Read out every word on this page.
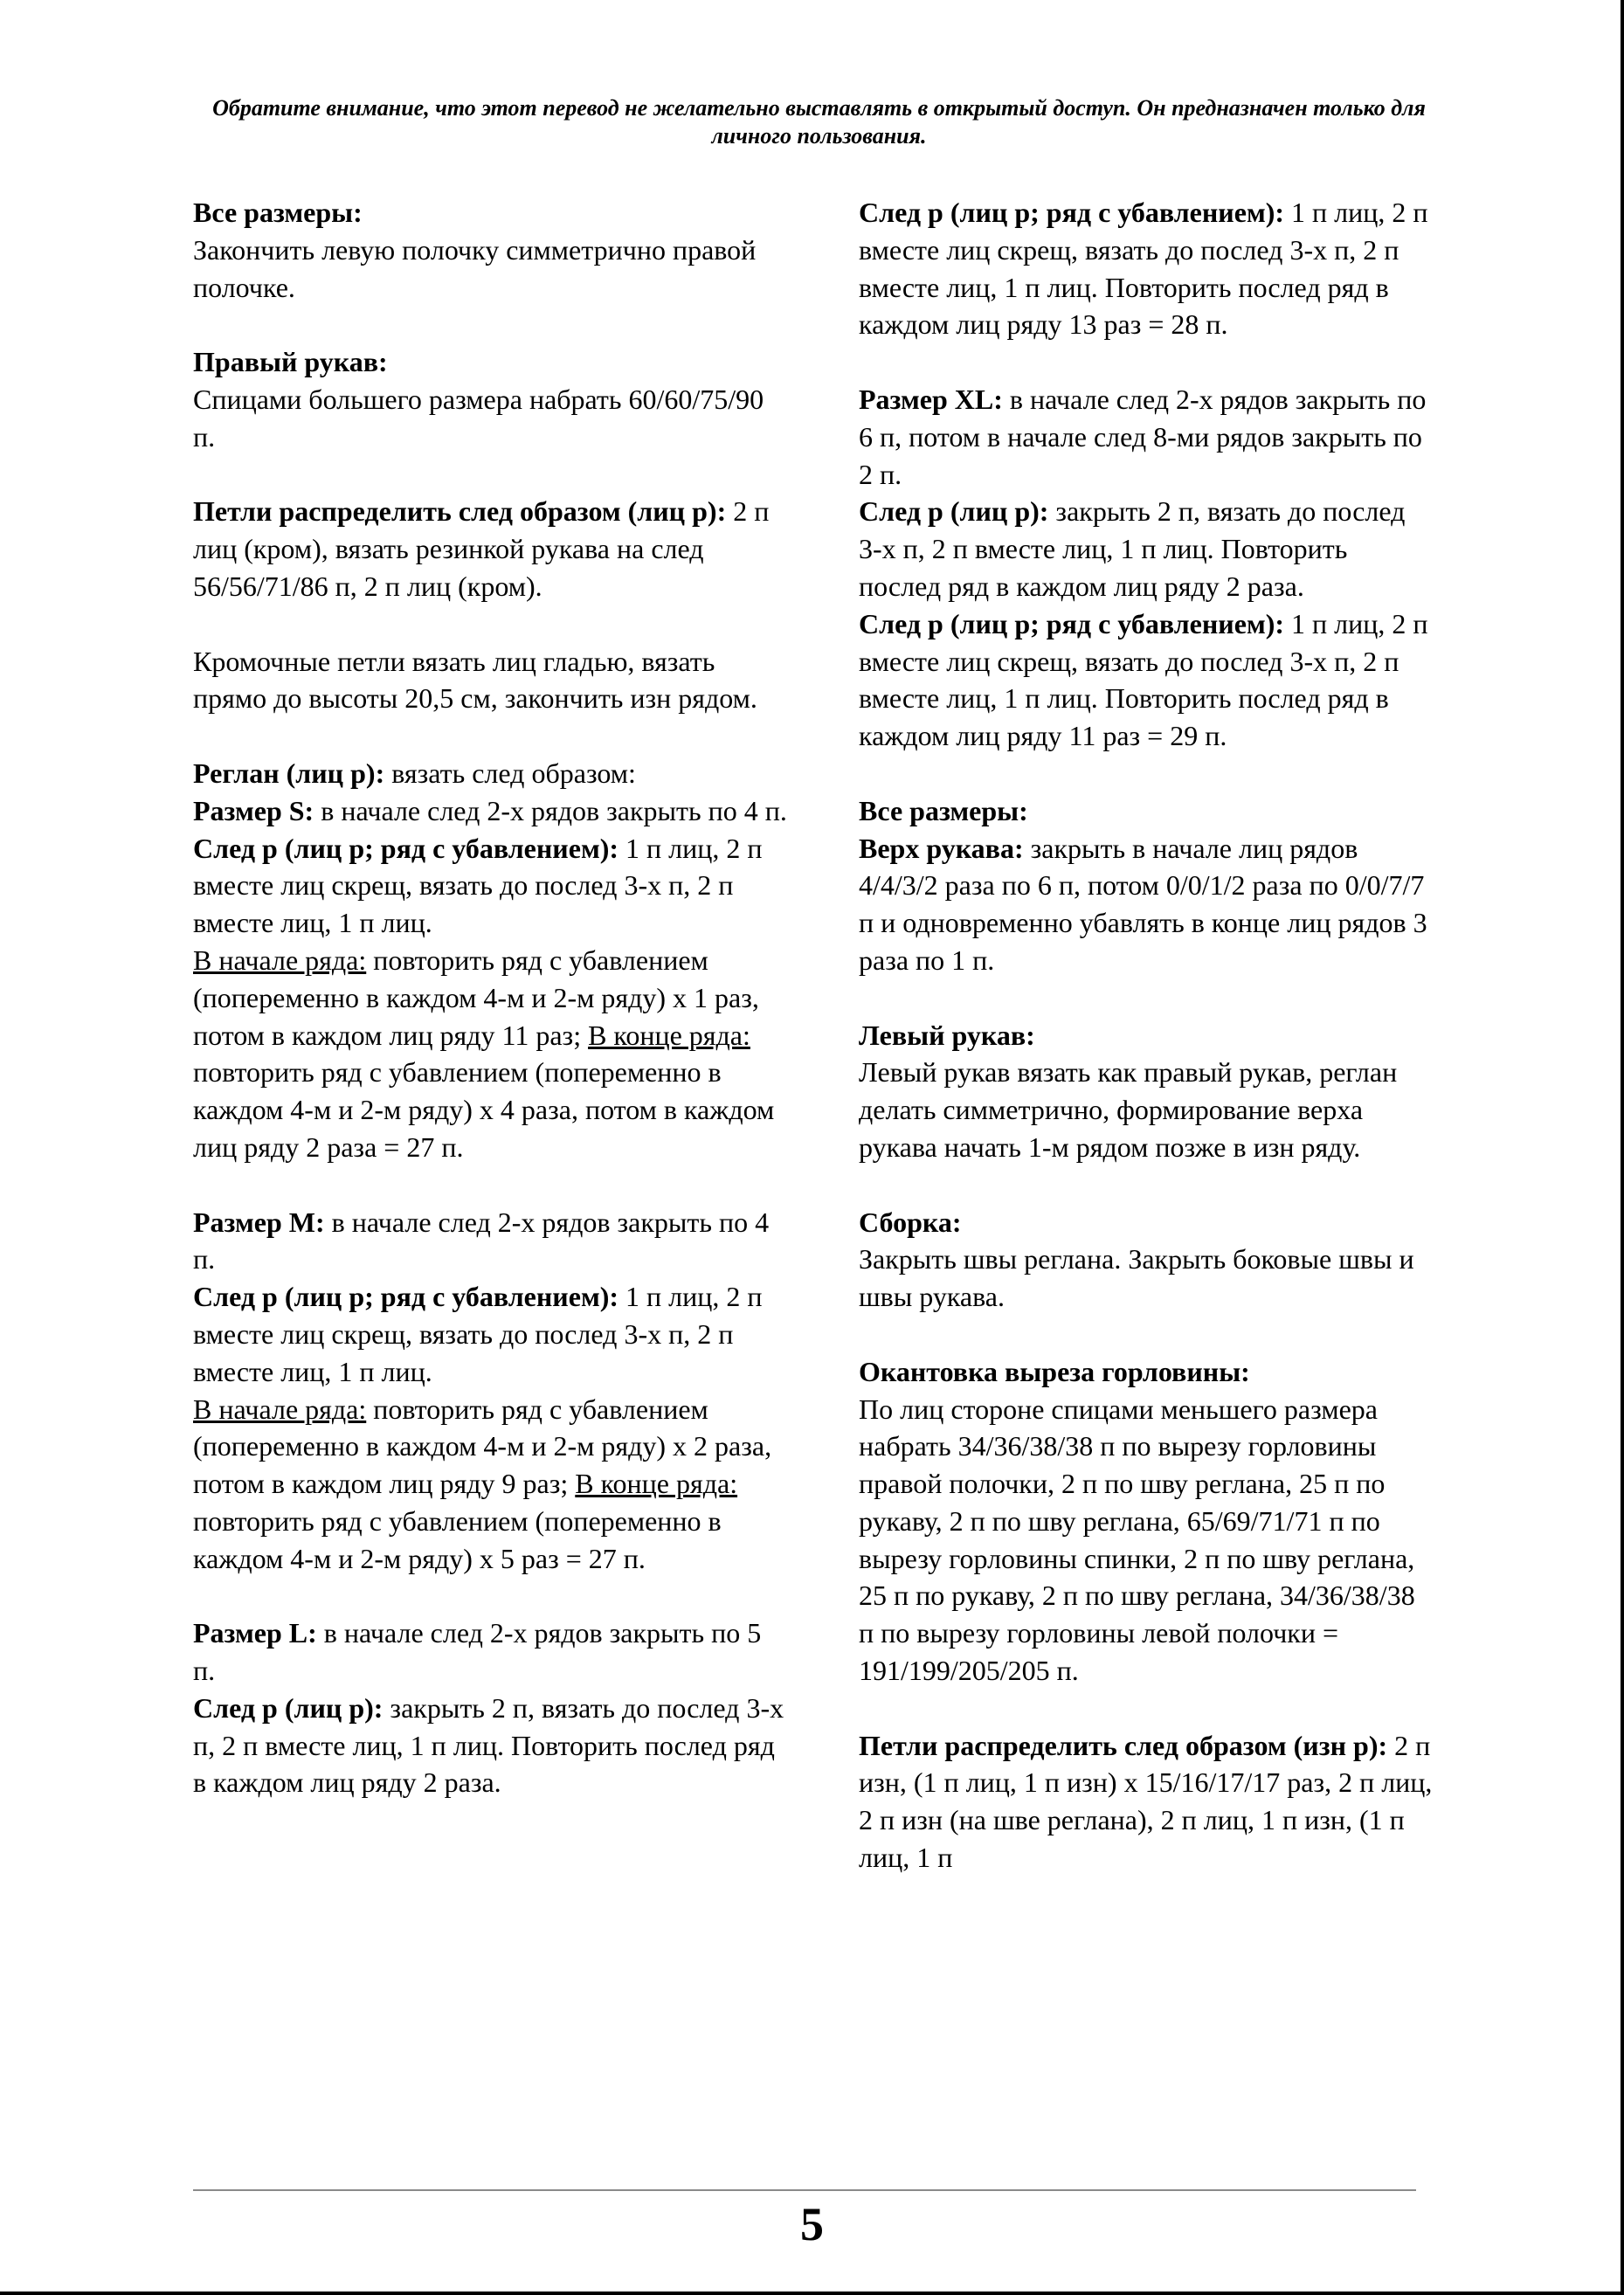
Обратите внимание, что этот перевод не желательно выставлять в открытый доступ. Он предназначен только для личного пользования.

Все размеры:
Закончить левую полочку симметрично правой полочке.

Правый рукав:
Спицами большего размера набрать 60/60/75/90 п.

Петли распределить след образом (лиц р): 2 п лиц (кром), вязать резинкой рукава на след 56/56/71/86 п, 2 п лиц (кром).

Кромочные петли вязать лиц гладью, вязать прямо до высоты 20,5 см, закончить изн рядом.

Реглан (лиц р): вязать след образом:
Размер S: в начале след 2-х рядов закрыть по 4 п.
След р (лиц р; ряд с убавлением): 1 п лиц, 2 п вместе лиц скрещ, вязать до послед 3-х п, 2 п вместе лиц, 1 п лиц.
В начале ряда: повторить ряд с убавлением (попеременно в каждом 4-м и 2-м ряду) х 1 раз, потом в каждом лиц ряду 11 раз; В конце ряда: повторить ряд с убавлением (попеременно в каждом 4-м и 2-м ряду) х 4 раза, потом в каждом лиц ряду 2 раза = 27 п.

Размер M: в начале след 2-х рядов закрыть по 4 п.
След р (лиц р; ряд с убавлением): 1 п лиц, 2 п вместе лиц скрещ, вязать до послед 3-х п, 2 п вместе лиц, 1 п лиц.
В начале ряда: повторить ряд с убавлением (попеременно в каждом 4-м и 2-м ряду) х 2 раза, потом в каждом лиц ряду 9 раз; В конце ряда: повторить ряд с убавлением (попеременно в каждом 4-м и 2-м ряду) х 5 раз = 27 п.

Размер L: в начале след 2-х рядов закрыть по 5 п.
След р (лиц р): закрыть 2 п, вязать до послед 3-х п, 2 п вместе лиц, 1 п лиц. Повторить послед ряд в каждом лиц ряду 2 раза.

След р (лиц р; ряд с убавлением): 1 п лиц, 2 п вместе лиц скрещ, вязать до послед 3-х п, 2 п вместе лиц, 1 п лиц. Повторить послед ряд в каждом лиц ряду 13 раз = 28 п.

Размер XL: в начале след 2-х рядов закрыть по 6 п, потом в начале след 8-ми рядов закрыть по 2 п.
След р (лиц р): закрыть 2 п, вязать до послед 3-х п, 2 п вместе лиц, 1 п лиц. Повторить послед ряд в каждом лиц ряду 2 раза.
След р (лиц р; ряд с убавлением): 1 п лиц, 2 п вместе лиц скрещ, вязать до послед 3-х п, 2 п вместе лиц, 1 п лиц. Повторить послед ряд в каждом лиц ряду 11 раз = 29 п.

Все размеры:
Верх рукава: закрыть в начале лиц рядов 4/4/3/2 раза по 6 п, потом 0/0/1/2 раза по 0/0/7/7 п и одновременно убавлять в конце лиц рядов 3 раза по 1 п.

Левый рукав:
Левый рукав вязать как правый рукав, реглан делать симметрично, формирование верха рукава начать 1-м рядом позже в изн ряду.

Сборка:
Закрыть швы реглана. Закрыть боковые швы и швы рукава.

Окантовка выреза горловины:
По лиц стороне спицами меньшего размера набрать 34/36/38/38 п по вырезу горловины правой полочки, 2 п по шву реглана, 25 п по рукаву, 2 п по шву реглана, 65/69/71/71 п по вырезу горловины спинки, 2 п по шву реглана, 25 п по рукаву, 2 п по шву реглана, 34/36/38/38 п по вырезу горловины левой полочки = 191/199/205/205 п.

Петли распределить след образом (изн р): 2 п изн, (1 п лиц, 1 п изн) х 15/16/17/17 раз, 2 п лиц, 2 п изн (на шве реглана), 2 п лиц, 1 п изн, (1 п лиц, 1 п

5
